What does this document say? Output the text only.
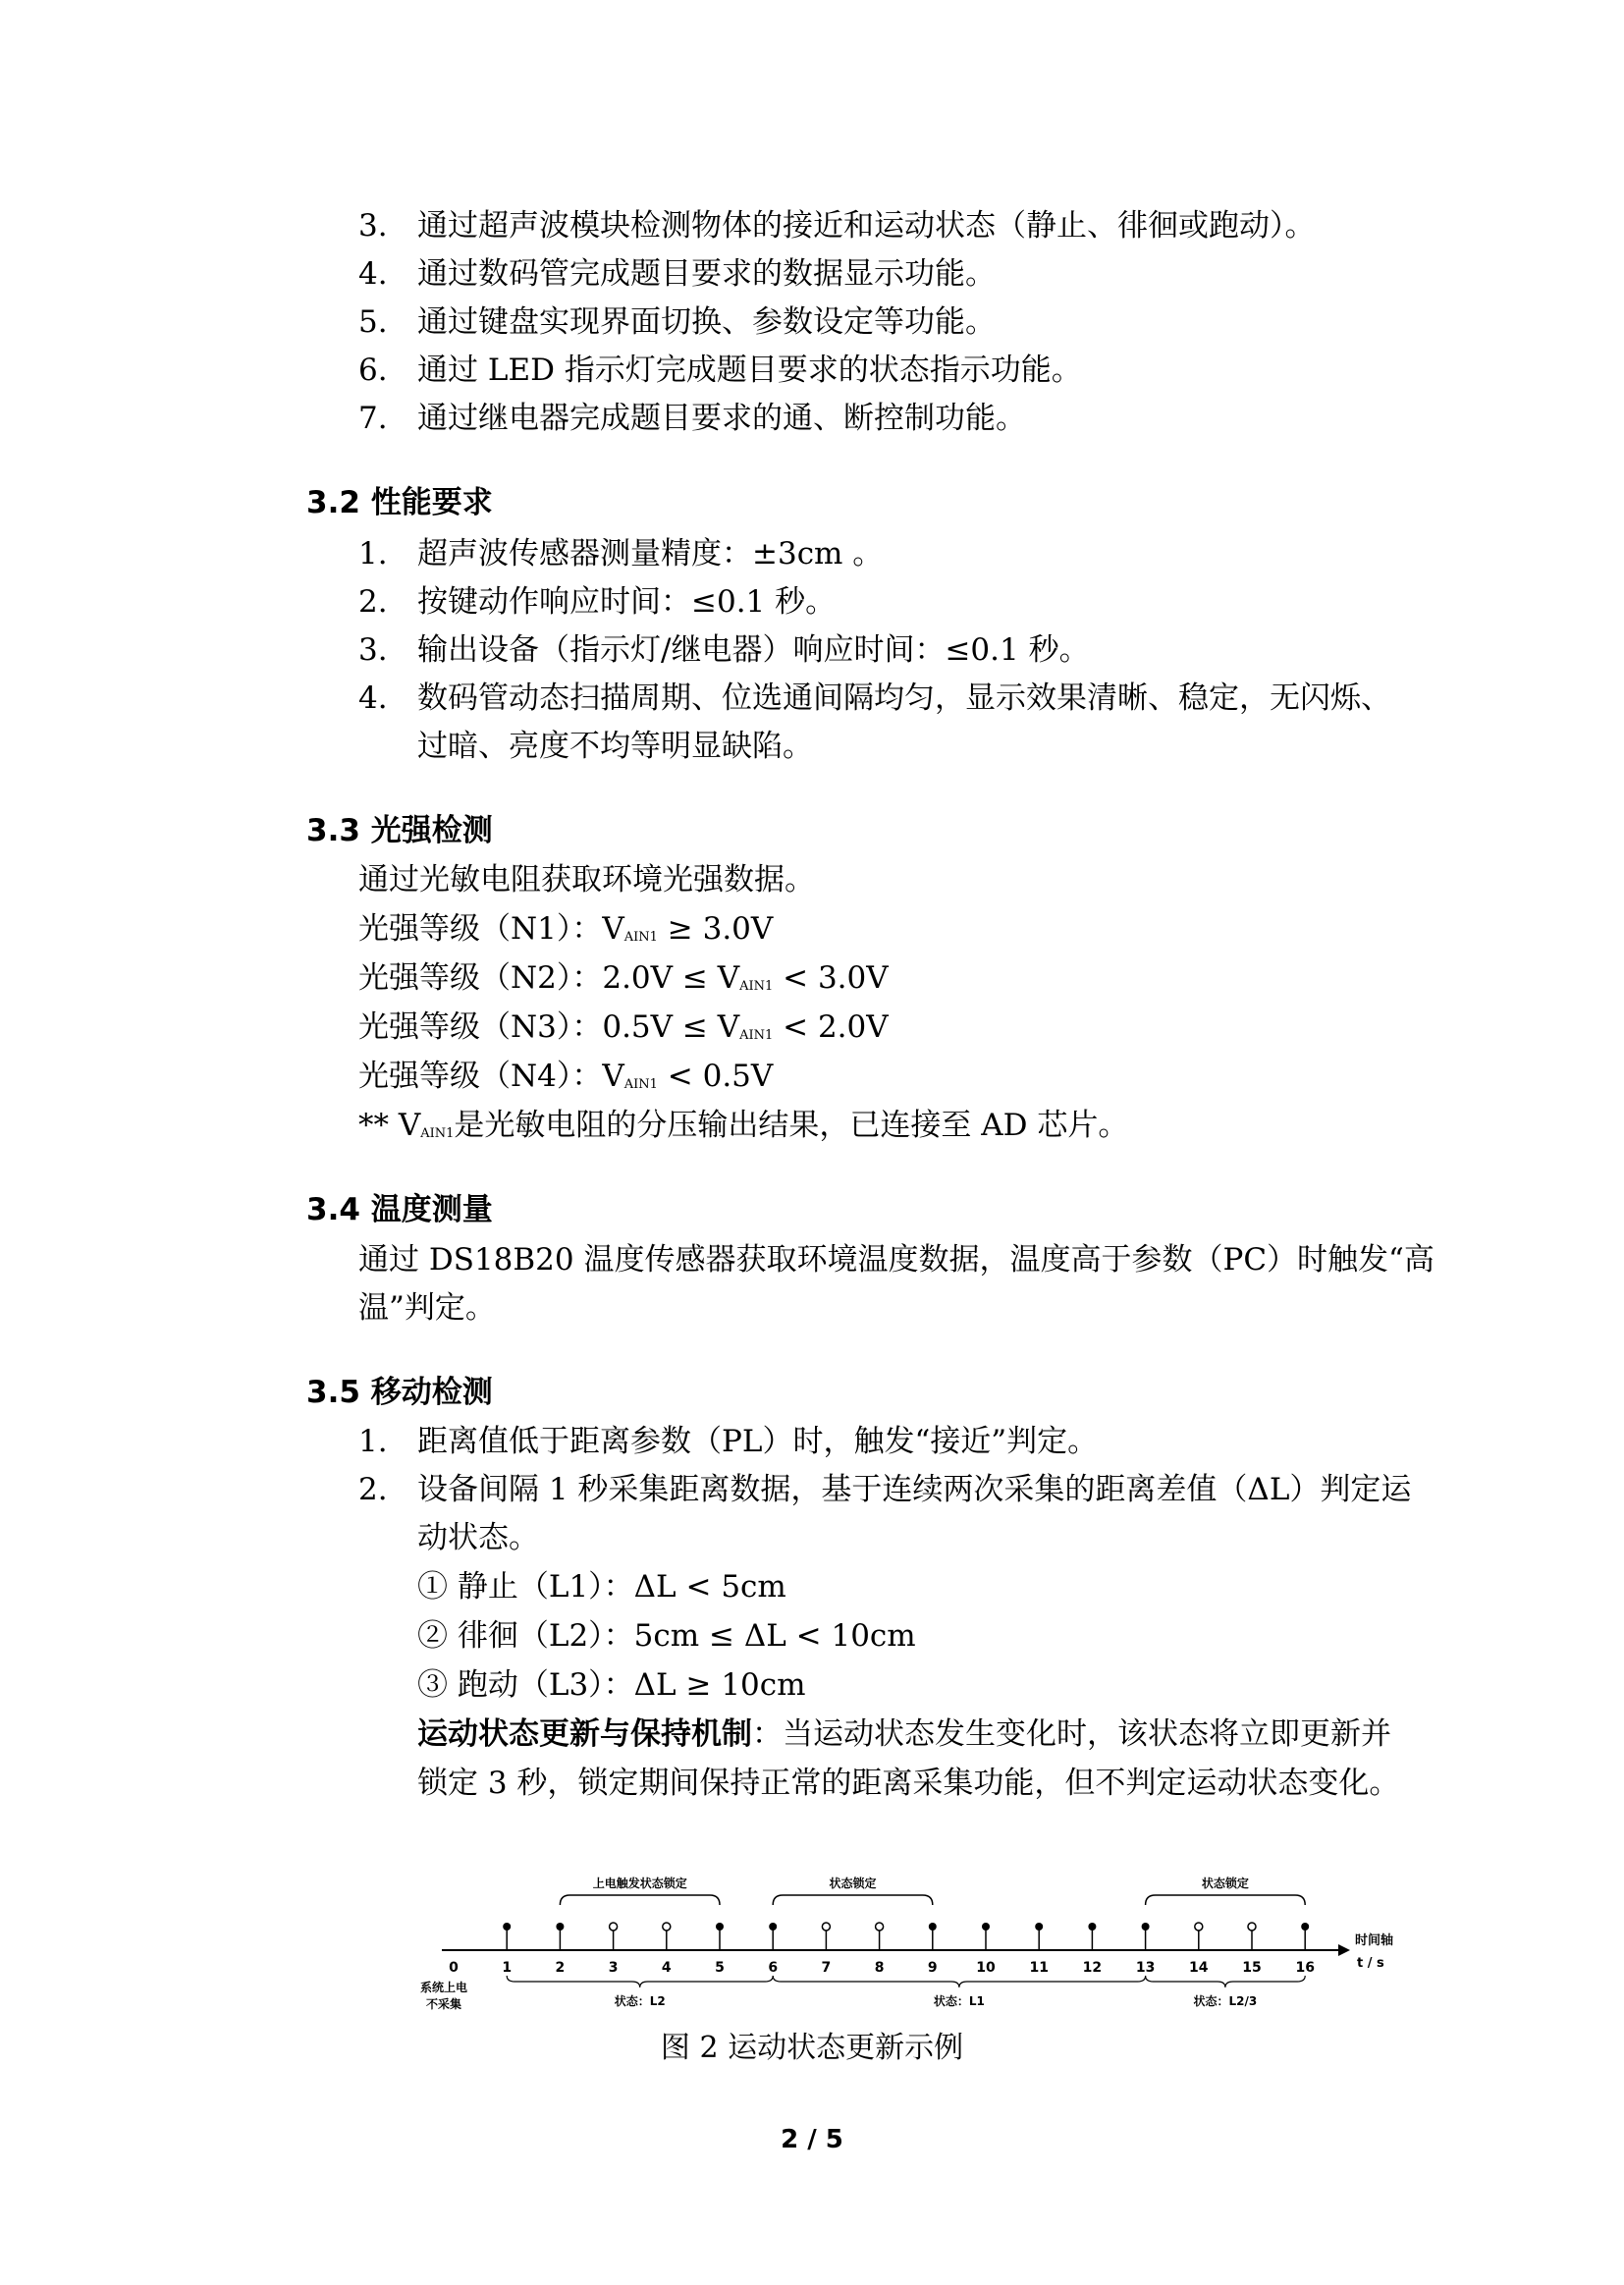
3. 通过超声波模块检测物体的接近和运动状态（静止、徘徊或跑动）。
4. 通过数码管完成题目要求的数据显示功能。
5. 通过键盘实现界面切换、参数设定等功能。
6. 通过 LED 指示灯完成题目要求的状态指示功能。
7. 通过继电器完成题目要求的通、断控制功能。
3.2 性能要求
1. 超声波传感器测量精度：±3cm 。
2. 按键动作响应时间：≤0.1 秒。
3. 输出设备（指示灯/继电器）响应时间：≤0.1 秒。
4. 数码管动态扫描周期、位选通间隔均匀，显示效果清晰、稳定，无闪烁、
过暗、亮度不均等明显缺陷。
3.3 光强检测
通过光敏电阻获取环境光强数据。
光强等级（N1）：$V_{AIN1} \ge 3.0V$
光强等级（N2）：$2.0V \le V_{AIN1} < 3.0V$
光强等级（N3）：$0.5V \le V_{AIN1} < 2.0V$
光强等级（N4）：$V_{AIN1} < 0.5V$
** $V_{AIN1}$是光敏电阻的分压输出结果，已连接至 AD 芯片。
3.4 温度测量
通过 DS18B20 温度传感器获取环境温度数据，温度高于参数（PC）时触发“高
温”判定。
3.5 移动检测
1. 距离值低于距离参数（PL）时，触发“接近”判定。
2. 设备间隔 1 秒采集距离数据，基于连续两次采集的距离差值（ΔL）判定运
动状态。
① 静止（L1）：ΔL < 5cm
② 徘徊（L2）：5cm ≤ ΔL < 10cm
③ 跑动（L3）：ΔL ≥ 10cm
运动状态更新与保持机制：当运动状态发生变化时，该状态将立即更新并
锁定 3 秒，锁定期间保持正常的距离采集功能，但不判定运动状态变化。
上电触发状态锁定	状态锁定	状态锁定
0	1	2	3	4	5	6	7	8	9	10 11 12 13 14 15 16
状态：L2	状态：L1	状态：L2/3
时间轴
t / s
系统上电
不采集
图 2 运动状态更新示例
2 / 5
